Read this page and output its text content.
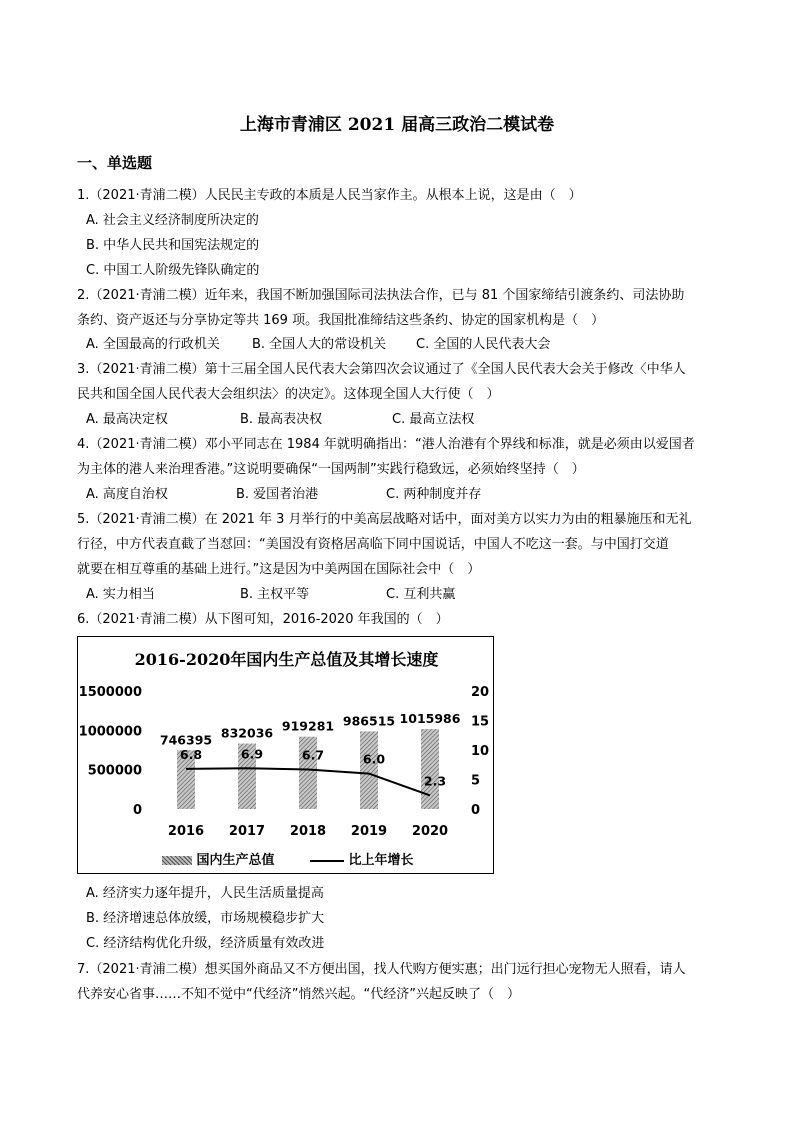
上海市青浦区 2021 届高三政治二模试卷
一、单选题
1.（2021·青浦二模）人民民主专政的本质是人民当家作主。从根本上说，这是由（　）
A. 社会主义经济制度所决定的
B. 中华人民共和国宪法规定的
C. 中国工人阶级先锋队确定的
2.（2021·青浦二模）近年来，我国不断加强国际司法执法合作，已与 81 个国家缔结引渡条约、司法协助
条约、资产返还与分享协定等共 169 项。我国批准缔结这些条约、协定的国家机构是（　）
A. 全国最高的行政机关 B. 全国人大的常设机关 C. 全国的人民代表大会
3.（2021·青浦二模）第十三届全国人民代表大会第四次会议通过了《全国人民代表大会关于修改〈中华人
民共和国全国人民代表大会组织法〉的决定》。这体现全国人大行使（　）
A. 最高决定权	B. 最高表决权	C. 最高立法权
4.（2021·青浦二模）邓小平同志在 1984 年就明确指出：“港人治港有个界线和标准，就是必须由以爱国者
为主体的港人来治理香港。”这说明要确保“一国两制”实践行稳致远，必须始终坚持（　）
A. 高度自治权	B. 爱国者治港	C. 两种制度并存
5.（2021·青浦二模）在 2021 年 3 月举行的中美高层战略对话中，面对美方以实力为由的粗暴施压和无礼
行径，中方代表直截了当怼回：“美国没有资格居高临下同中国说话，中国人不吃这一套。与中国打交道
就要在相互尊重的基础上进行。”这是因为中美两国在国际社会中（　）
A. 实力相当	B. 主权平等	C. 互利共赢
6.（2021·青浦二模）从下图可知，2016-2020 年我国的（　）
2016-2020年国内生产总值及其增长速度
0
500000
1000000
1500000
0
5
10
15
20
746395
2016
832036
2017
919281
2018
986515
2019
1015986
2020
6.8	6.9	6.7	6.0
2.3
国内生产总值	比上年增长
A. 经济实力逐年提升，人民生活质量提高
B. 经济增速总体放缓，市场规模稳步扩大
C. 经济结构优化升级，经济质量有效改进
7.（2021·青浦二模）想买国外商品又不方便出国，找人代购方便实惠；出门远行担心宠物无人照看，请人
代养安心省事……不知不觉中“代经济”悄然兴起。“代经济”兴起反映了（　）
